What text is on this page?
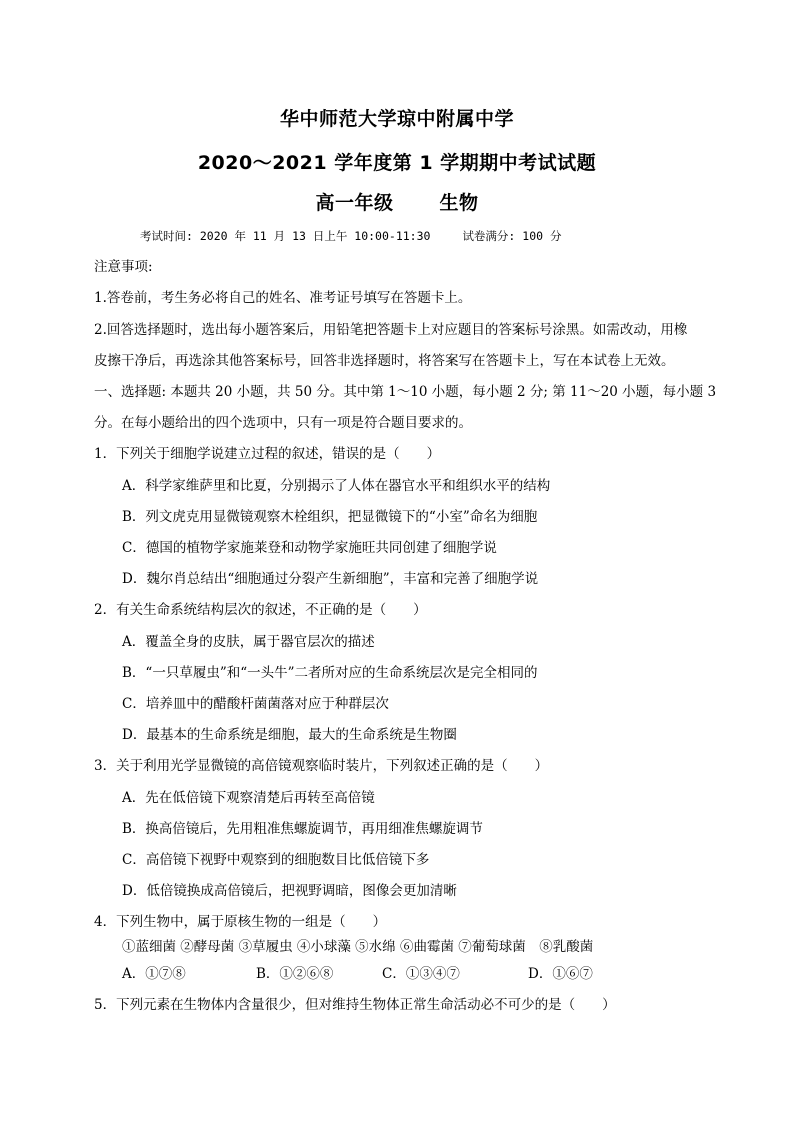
华中师范大学琼中附属中学
2020～2021 学年度第 1 学期期中考试试题
高一年级 生物
考试时间: 2020 年 11 月 13 日上午 10:00-11:30	试卷满分: 100 分
注意事项:
1.答卷前，考生务必将自己的姓名、准考证号填写在答题卡上。
2.回答选择题时，选出每小题答案后，用铅笔把答题卡上对应题目的答案标号涂黑。如需改动，用橡
皮擦干净后，再选涂其他答案标号，回答非选择题时，将答案写在答题卡上，写在本试卷上无效。
一、选择题: 本题共 20 小题，共 50 分。其中第 1～10 小题，每小题 2 分; 第 11～20 小题，每小题 3
分。在每小题给出的四个选项中，只有一项是符合题目要求的。
1．下列关于细胞学说建立过程的叙述，错误的是（　　）
A．科学家维萨里和比夏，分别揭示了人体在器官水平和组织水平的结构
B．列文虎克用显微镜观察木栓组织，把显微镜下的“小室”命名为细胞
C．德国的植物学家施莱登和动物学家施旺共同创建了细胞学说
D．魏尔肖总结出“细胞通过分裂产生新细胞”，丰富和完善了细胞学说
2．有关生命系统结构层次的叙述，不正确的是（　　）
A．覆盖全身的皮肤，属于器官层次的描述
B．“一只草履虫”和“一头牛”二者所对应的生命系统层次是完全相同的
C．培养皿中的醋酸杆菌菌落对应于种群层次
D．最基本的生命系统是细胞，最大的生命系统是生物圈
3．关于利用光学显微镜的高倍镜观察临时装片，下列叙述正确的是（　　）
A．先在低倍镜下观察清楚后再转至高倍镜
B．换高倍镜后，先用粗准焦螺旋调节，再用细准焦螺旋调节
C．高倍镜下视野中观察到的细胞数目比低倍镜下多
D．低倍镜换成高倍镜后，把视野调暗，图像会更加清晰
4．下列生物中，属于原核生物的一组是（　　）
①蓝细菌 ②酵母菌 ③草履虫 ④小球藻 ⑤水绵 ⑥曲霉菌 ⑦葡萄球菌　⑧乳酸菌
A．①⑦⑧	B．①②⑥⑧	C．①③④⑦	D．①⑥⑦
5．下列元素在生物体内含量很少，但对维持生物体正常生命活动必不可少的是（　　）
